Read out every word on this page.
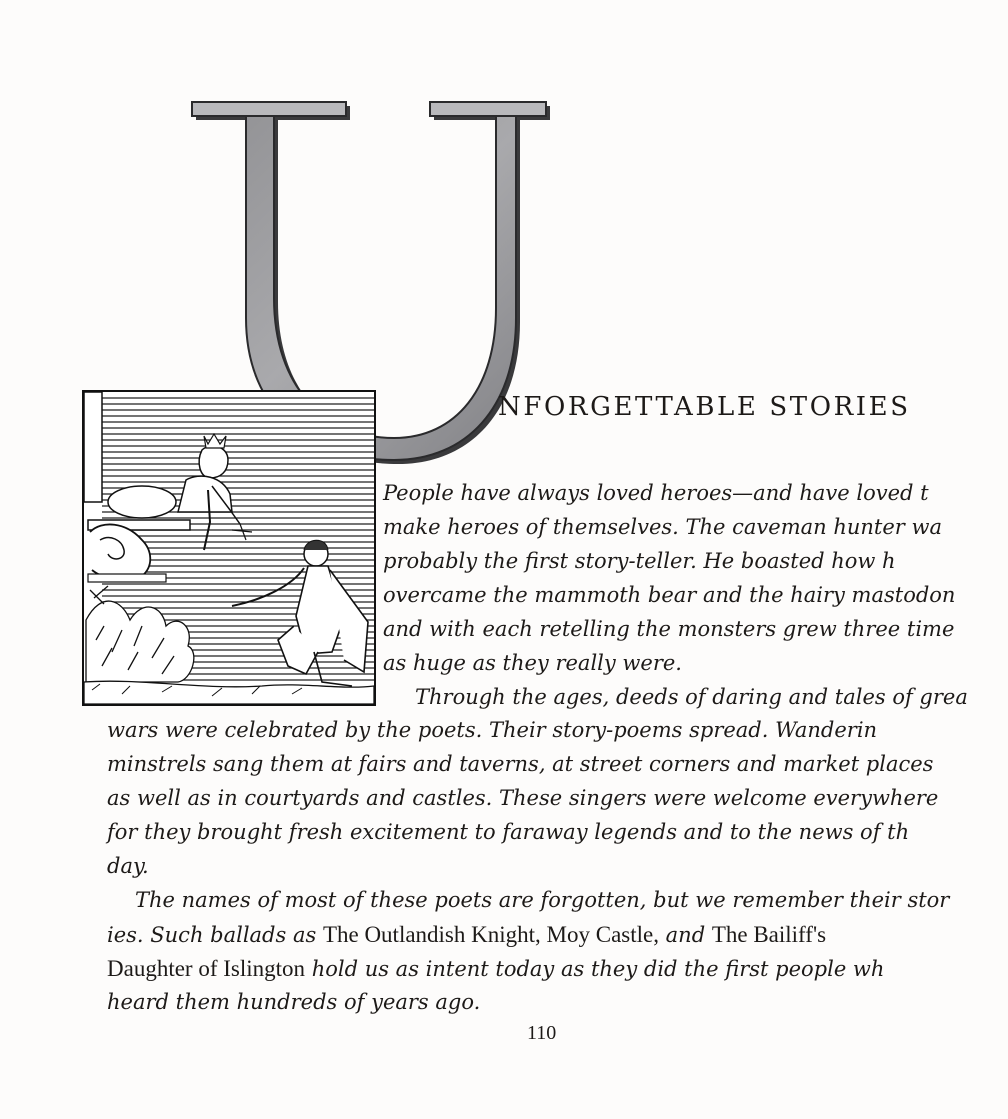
NFORGETTABLE STORIES
People have always loved heroes—and have loved t
make heroes of themselves. The caveman hunter wa
probably the first story-teller. He boasted how h
overcame the mammoth bear and the hairy mastodon
and with each retelling the monsters grew three time
as huge as they really were.
Through the ages, deeds of daring and tales of grea
wars were celebrated by the poets. Their story-poems spread. Wanderin
minstrels sang them at fairs and taverns, at street corners and market places
as well as in courtyards and castles. These singers were welcome everywhere
for they brought fresh excitement to faraway legends and to the news of th
day.
The names of most of these poets are forgotten, but we remember their stor
ies. Such ballads as The Outlandish Knight, Moy Castle, and The Bailiff's
Daughter of Islington hold us as intent today as they did the first people wh
heard them hundreds of years ago.
110
